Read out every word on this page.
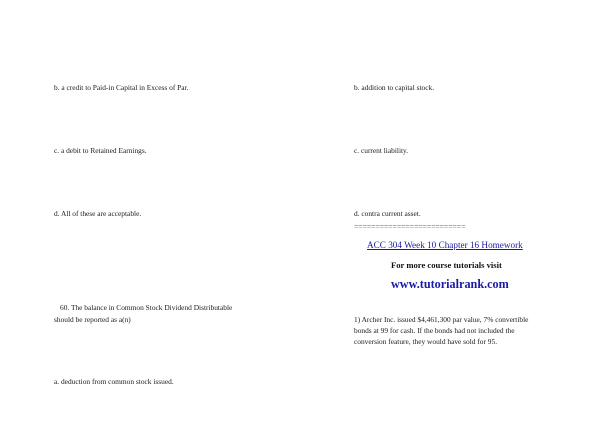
b. a credit to Paid-in Capital in Excess of Par.
c. a debit to Retained Earnings.
d. All of these are acceptable.
60. The balance in Common Stock Dividend Distributable
should be reported as a(n)
a. deduction from common stock issued.
b. addition to capital stock.
c. current liability.
d. contra current asset.
==========================
ACC 304 Week 10 Chapter 16 Homework
For more course tutorials visit
www.tutorialrank.com
1) Archer Inc. issued $4,461,300 par value, 7% convertible
bonds at 99 for cash. If the bonds had not included the
conversion feature, they would have sold for 95.
